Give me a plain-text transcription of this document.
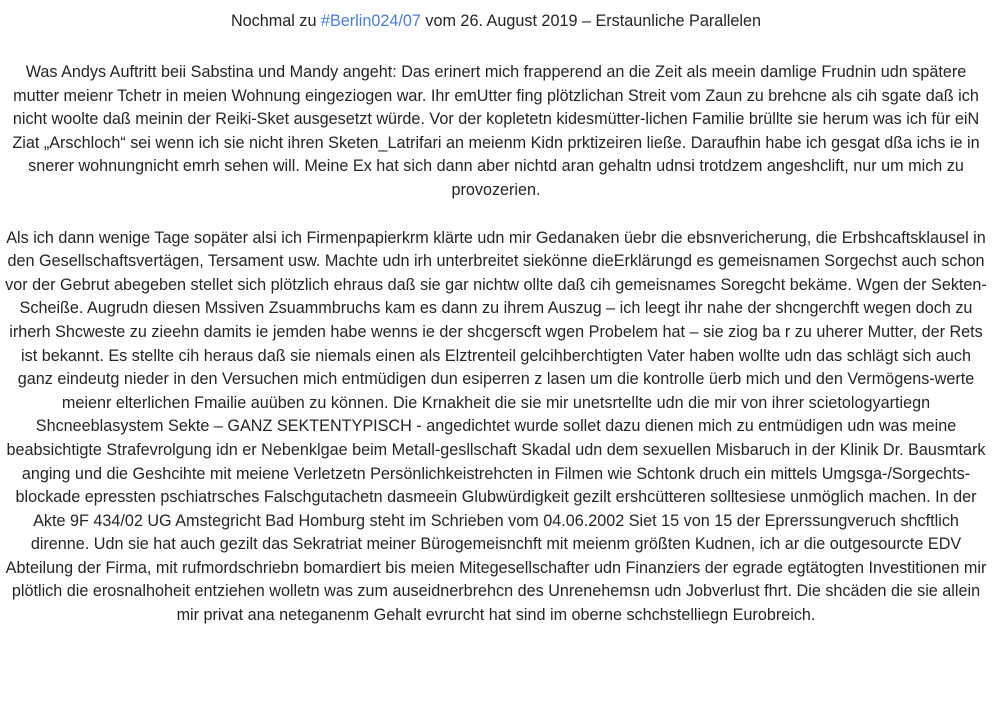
Nochmal zu #Berlin024/07 vom 26. August 2019 – Erstaunliche Parallelen

Was Andys Auftritt beii Sabstina und Mandy angeht: Das erinert mich frapperend an die Zeit als meein damlige Frudnin udn spätere mutter meienr Tchetr in meien Wohnung eingeziogen war. Ihr emUtter fing plötzlichan Streit vom Zaun zu brehcne als cih sgate daß ich nicht woolte daß meinin der Reiki-Sket ausgesetzt würde. Vor der kopletetn kidesmütter-lichen Familie brüllte sie herum was ich für eiN Ziat „Arschloch“ sei wenn ich sie nicht ihren Sketen_Latrifari an meienm Kidn prktizeiren ließe. Daraufhin habe ich gesgat dßa ichs ie in snerer wohnungnicht emrh sehen will. Meine Ex hat sich dann aber nichtd aran gehaltn udnsi trotdzem angeshclift, nur um mich zu provozerien.

Als ich dann wenige Tage sopäter alsi ich Firmenpapierkrm klärte udn mir Gedanaken üebr die ebsnvericherung, die Erbshcaftsklausel in den Gesellschaftsvertägen, Tersament usw. Machte udn irh unterbreitet siekönne dieErklärungd es gemeisnamen Sorgechst auch schon vor der Gebrut abegeben stellet sich plötzlich ehraus daß sie gar nichtw ollte daß cih gemeisnames Soregcht bekäme. Wgen der Sekten-Scheiße. Augrudn diesen Mssiven Zsuammbruchs kam es dann zu ihrem Auszug – ich leegt ihr nahe der shcngerchft wegen doch zu irherh Shcweste zu zieehn damits ie jemden habe wenns ie der shcgerscft wgen Probelem hat – sie ziog ba r zu uherer Mutter, der Rets ist bekannt. Es stellte cih heraus daß sie niemals einen als Elztrenteil gelcihberchtigten Vater haben wollte udn das schlägt sich auch ganz eindeutg nieder in den Versuchen mich entmüdigen dun esiperren z lasen um die kontrolle üerb mich und den Vermögens-werte meienr elterlichen Fmailie auüben zu können. Die Krnakheit die sie mir unetsrtellte udn die mir von ihrer scietologyartiegn Shcneeblasystem Sekte – GANZ SEKTENTYPISCH - angedichtet wurde sollet dazu dienen mich zu entmüdigen udn was meine beabsichtigte Strafevrolgung idn er Nebenklgae beim Metall-gesllschaft Skadal udn dem sexuellen Misbaruch in der Klinik Dr. Bausmtark anging und die Geshcihte mit meiene Verletzetn Persönlichkeistrehcten in Filmen wie Schtonk druch ein mittels Umgsga-/Sorgechts-blockade epressten pschiatrsches Falschgutachetn dasmeein Glubwürdigkeit gezilt ershcütteren solltesiese unmöglich machen. In der Akte 9F 434/02 UG Amstegricht Bad Homburg steht im Schrieben vom 04.06.2002 Siet 15 von 15 der Eprerssungveruch shcftlich direnne. Udn sie hat auch gezilt das Sekratriat meiner Bürogemeisnchft mit meienm größten Kudnen, ich ar die outgesourcte EDV Abteilung der Firma, mit rufmordschriebn bomardiert bis meien Mitegesellschafter udn Finanziers der egrade egtätogten Investitionen mir plötlich die erosnalhoheit entziehen wolletn was zum auseidnerbrehcn des Unrenehemsn udn Jobverlust fhrt. Die shcäden die sie allein mir privat ana neteganenm Gehalt evrurcht hat sind im oberne schchstelliegn Eurobreich.
